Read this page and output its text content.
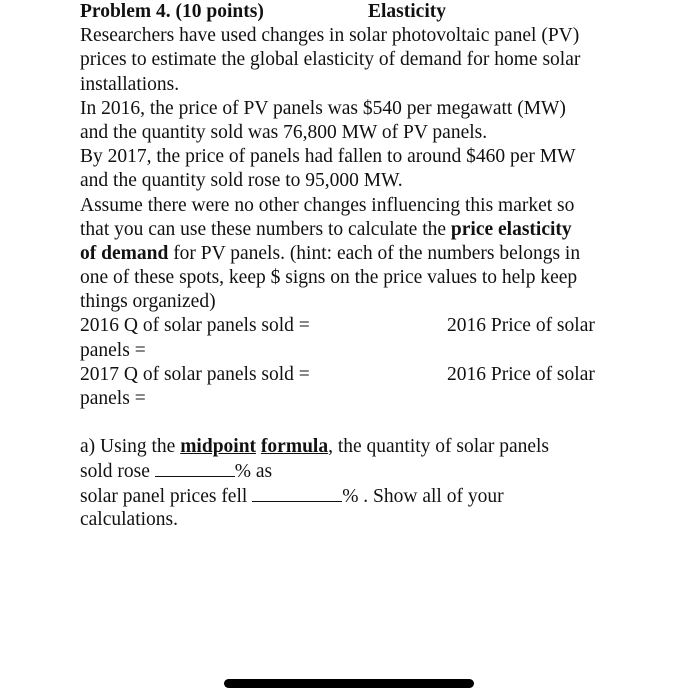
Problem 4. (10 points)	Elasticity
Researchers have used changes in solar photovoltaic panel (PV)
prices to estimate the global elasticity of demand for home solar
installations.
In 2016, the price of PV panels was $540 per megawatt (MW)
and the quantity sold was 76,800 MW of PV panels.
By 2017, the price of panels had fallen to around $460 per MW
and the quantity sold rose to 95,000 MW.
Assume there were no other changes influencing this market so
that you can use these numbers to calculate the price elasticity
of demand for PV panels. (hint: each of the numbers belongs in
one of these spots, keep $ signs on the price values to help keep
things organized)
2016 Q of solar panels sold =	2016 Price of solar
panels =
2017 Q of solar panels sold =	2016 Price of solar
panels =
a) Using the midpoint formula, the quantity of solar panels
sold rose	% as
solar panel prices fell	% . Show all of your
calculations.
